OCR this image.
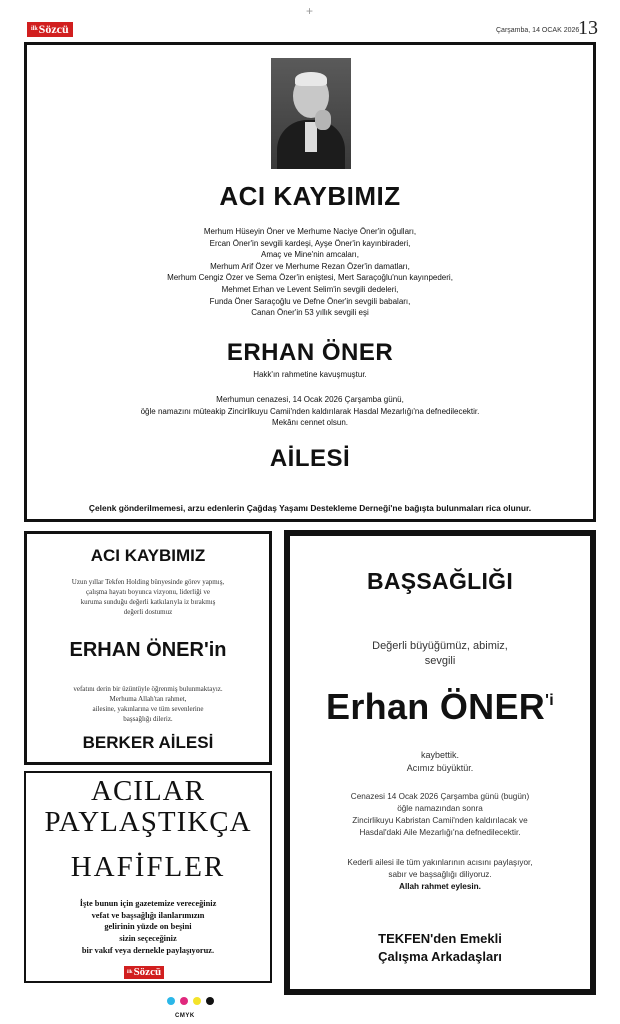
$^{ilk}$Sözcü
+
Çarşamba, 14 OCAK 2026
13
ACI KAYBIMIZ
Merhum Hüseyin Öner ve Merhume Naciye Öner'in oğulları,
Ercan Öner'in sevgili kardeşi, Ayşe Öner'in kayınbiraderi,
Amaç ve Mine'nin amcaları,
Merhum Arif Özer ve Merhume Rezan Özer'in damatları,
Merhum Cengiz Özer ve Sema Özer'in eniştesi, Mert Saraçoğlu'nun kayınpederi,
Mehmet Erhan ve Levent Selim'in sevgili dedeleri,
Funda Öner Saraçoğlu ve Defne Öner'in sevgili babaları,
Canan Öner'in 53 yıllık sevgili eşi
ERHAN ÖNER
Hakk'ın rahmetine kavuşmuştur.
Merhumun cenazesi, 14 Ocak 2026 Çarşamba günü,
öğle namazını müteakip Zincirlikuyu Camii'nden kaldırılarak Hasdal Mezarlığı'na defnedilecektir.
Mekânı cennet olsun.
AİLESİ
Çelenk gönderilmemesi, arzu edenlerin Çağdaş Yaşamı Destekleme Derneği'ne bağışta bulunmaları rica olunur.
ACI KAYBIMIZ
Uzun yıllar Tekfen Holding bünyesinde görev yapmış,
çalışma hayatı boyunca vizyonu, liderliği ve
kuruma sunduğu değerli katkılarıyla iz bırakmış
değerli dostumuz
ERHAN ÖNER'in
vefatını derin bir üzüntüyle öğrenmiş bulunmaktayız.
Merhuma Allah'tan rahmet,
ailesine, yakınlarına ve tüm sevenlerine
başsağlığı dileriz.
BERKER AİLESİ
ACILAR
PAYLAŞTIKÇA
HAFİFLER
İşte bunun için gazetemize vereceğiniz
vefat ve başsağlığı ilanlarımızın
gelirinin yüzde on beşini
sizin seçeceğiniz
bir vakıf veya dernekle paylaşıyoruz.
$^{ilk}$Sözcü
BAŞSAĞLIĞI
Değerli büyüğümüz, abimiz,
sevgili
Erhan $ÖNER^{'i}$
kaybettik.
Acımız büyüktür.
Cenazesi 14 Ocak 2026 Çarşamba günü (bugün)
öğle namazından sonra
Zincirlikuyu Kabristan Camii'nden kaldırılacak ve
Hasdal'daki Aile Mezarlığı'na defnedilecektir.
Kederli ailesi ile tüm yakınlarının acısını paylaşıyor,
sabır ve başsağlığı diliyoruz.
Allah rahmet eylesin.
TEKFEN'den Emekli
Çalışma Arkadaşları
CMYK
